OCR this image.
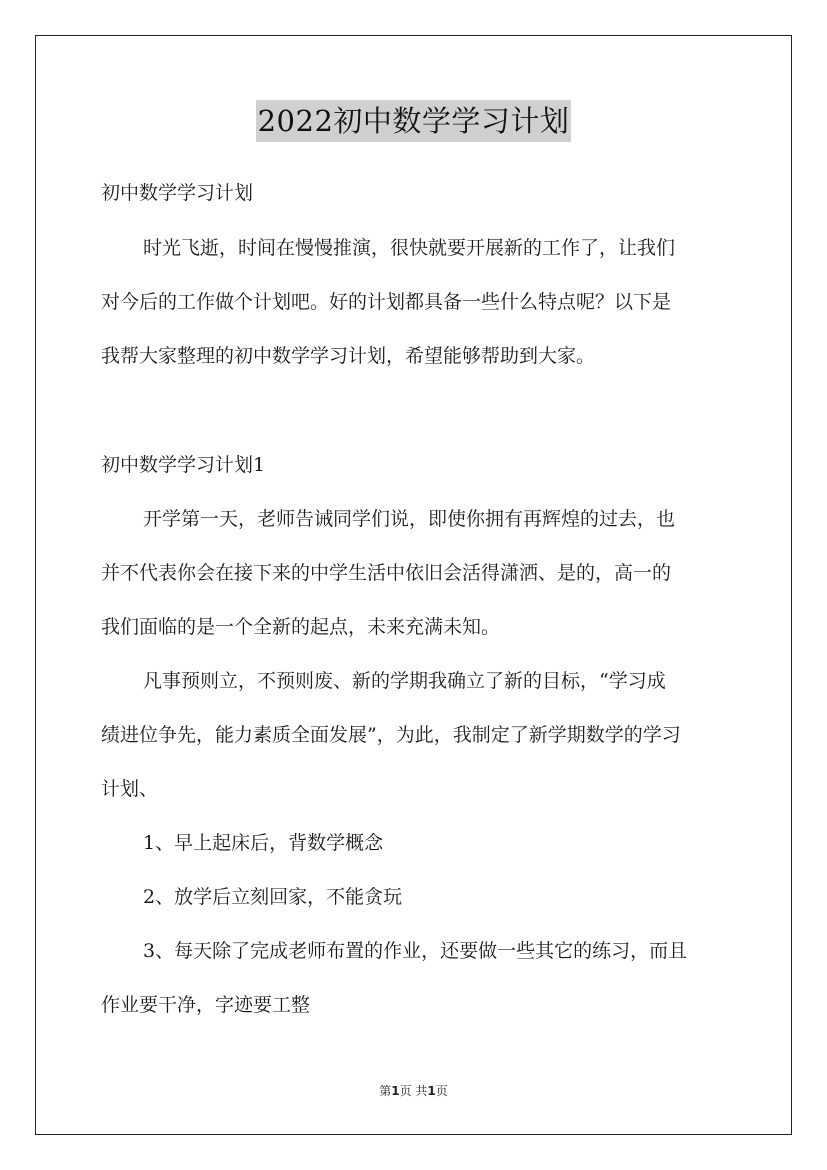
2022初中数学学习计划
初中数学学习计划
时光飞逝，时间在慢慢推演，很快就要开展新的工作了，让我们
对今后的工作做个计划吧。好的计划都具备一些什么特点呢？以下是
我帮大家整理的初中数学学习计划，希望能够帮助到大家。
初中数学学习计划1
开学第一天，老师告诫同学们说，即使你拥有再辉煌的过去，也
并不代表你会在接下来的中学生活中依旧会活得潇洒、是的，高一的
我们面临的是一个全新的起点，未来充满未知。
凡事预则立，不预则废、新的学期我确立了新的目标，“学习成
绩进位争先，能力素质全面发展”，为此，我制定了新学期数学的学习
计划、
1、早上起床后，背数学概念
2、放学后立刻回家，不能贪玩
3、每天除了完成老师布置的作业，还要做一些其它的练习，而且
作业要干净，字迹要工整
第1页 共1页
